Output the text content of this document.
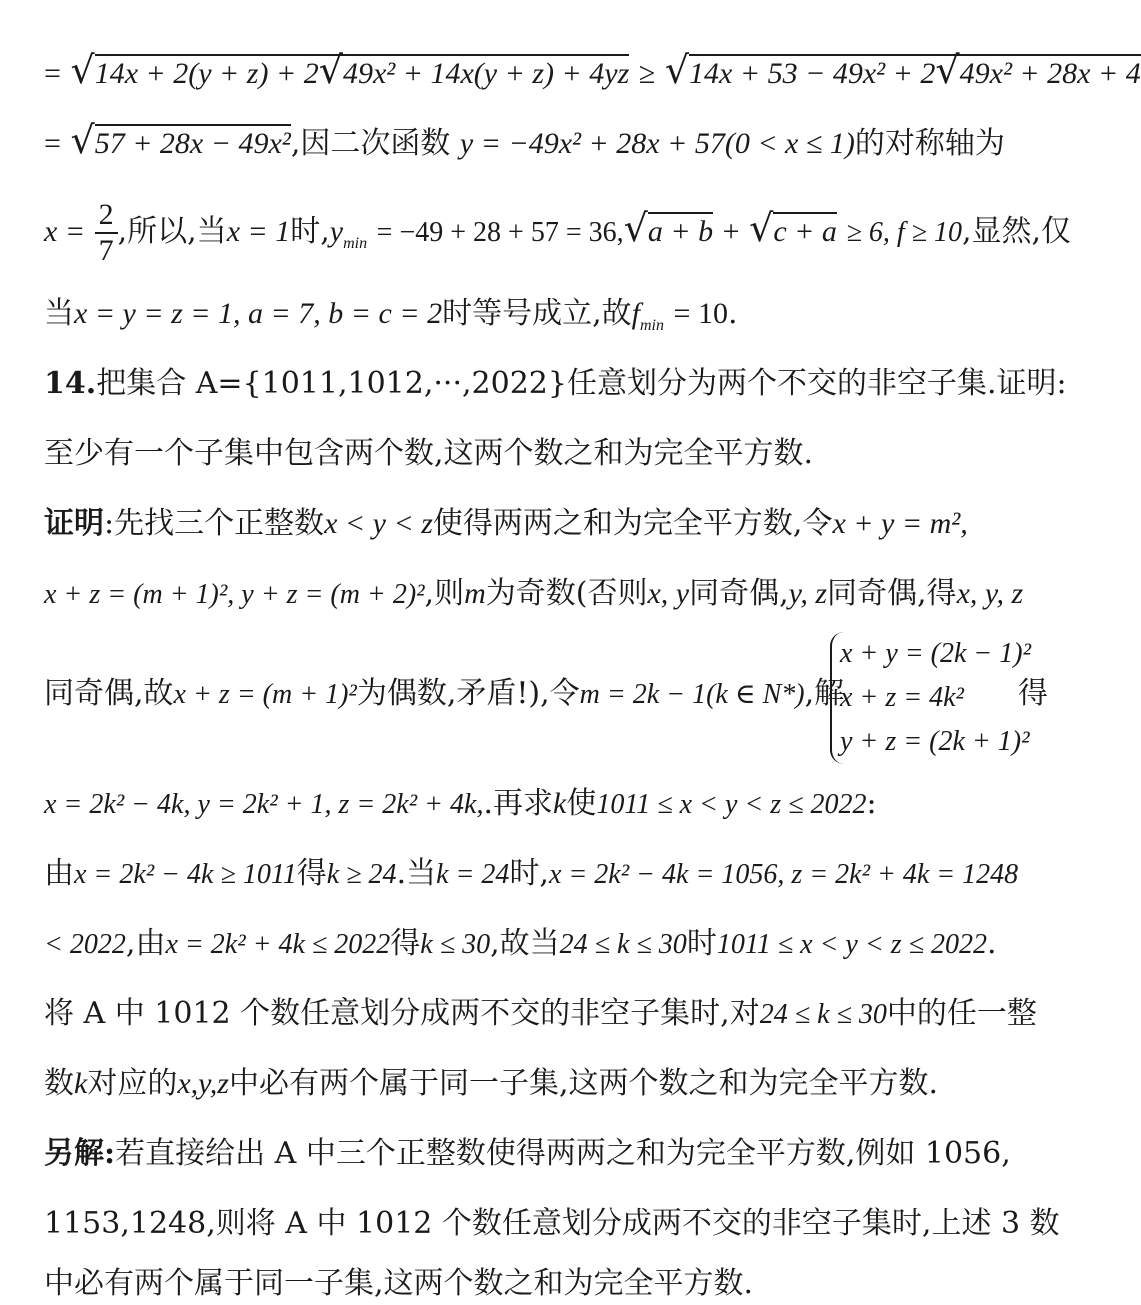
= √14x + 2(y + z) + 2√49x² + 14x(y + z) + 4yz ≥ √14x + 53 − 49x² + 2√49x² + 28x + 4
= √57 + 28x − 49x²,因二次函数 y = −49x² + 28x + 57(0 < x ≤ 1)的对称轴为
$x = \frac{2}{7}$ ,所以,当x = 1时$,y_{min} = -49 + 28 + 57 = 36,√a + b + √c + a \ge 6$, f ≥ 10,显然,仅
当x = y = z = 1, a = 7, b = c = 2时等号成立,故$f_{min} = 10$.
14.把集合 A={1011,1012,···,2022}任意划分为两个不交的非空子集.证明:
至少有一个子集中包含两个数,这两个数之和为完全平方数.
证明:先找三个正整数x < y < z使得两两之和为完全平方数,令x + y = m²,
x + z = (m + 1)², y + z = (m + 2)²,则m为奇数(否则x, y同奇偶,y, z同奇偶,得x, y, z
同奇偶,故x + z = (m + 1)²为偶数,矛盾!),令m = 2k − 1(k ∈ N*),解
x + y = (2k − 1)²
x + z = 4k²
y + z = (2k + 1)²
得
x = 2k² − 4k, y = 2k² + 1, z = 2k² + 4k,.再求k使1011 ≤ x < y < z ≤ 2022:
由x = 2k² − 4k ≥ 1011得k ≥ 24.当k = 24时,x = 2k² − 4k = 1056, z = 2k² + 4k = 1248
< 2022,由x = 2k² + 4k ≤ 2022得k ≤ 30,故当24 ≤ k ≤ 30时1011 ≤ x < y < z ≤ 2022.
将 A 中 1012 个数任意划分成两不交的非空子集时,对24 ≤ k ≤ 30中的任一整
数k对应的x,y,z中必有两个属于同一子集,这两个数之和为完全平方数.
另解:若直接给出 A 中三个正整数使得两两之和为完全平方数,例如 1056,
1153,1248,则将 A 中 1012 个数任意划分成两不交的非空子集时,上述 3 数
中必有两个属于同一子集,这两个数之和为完全平方数.
